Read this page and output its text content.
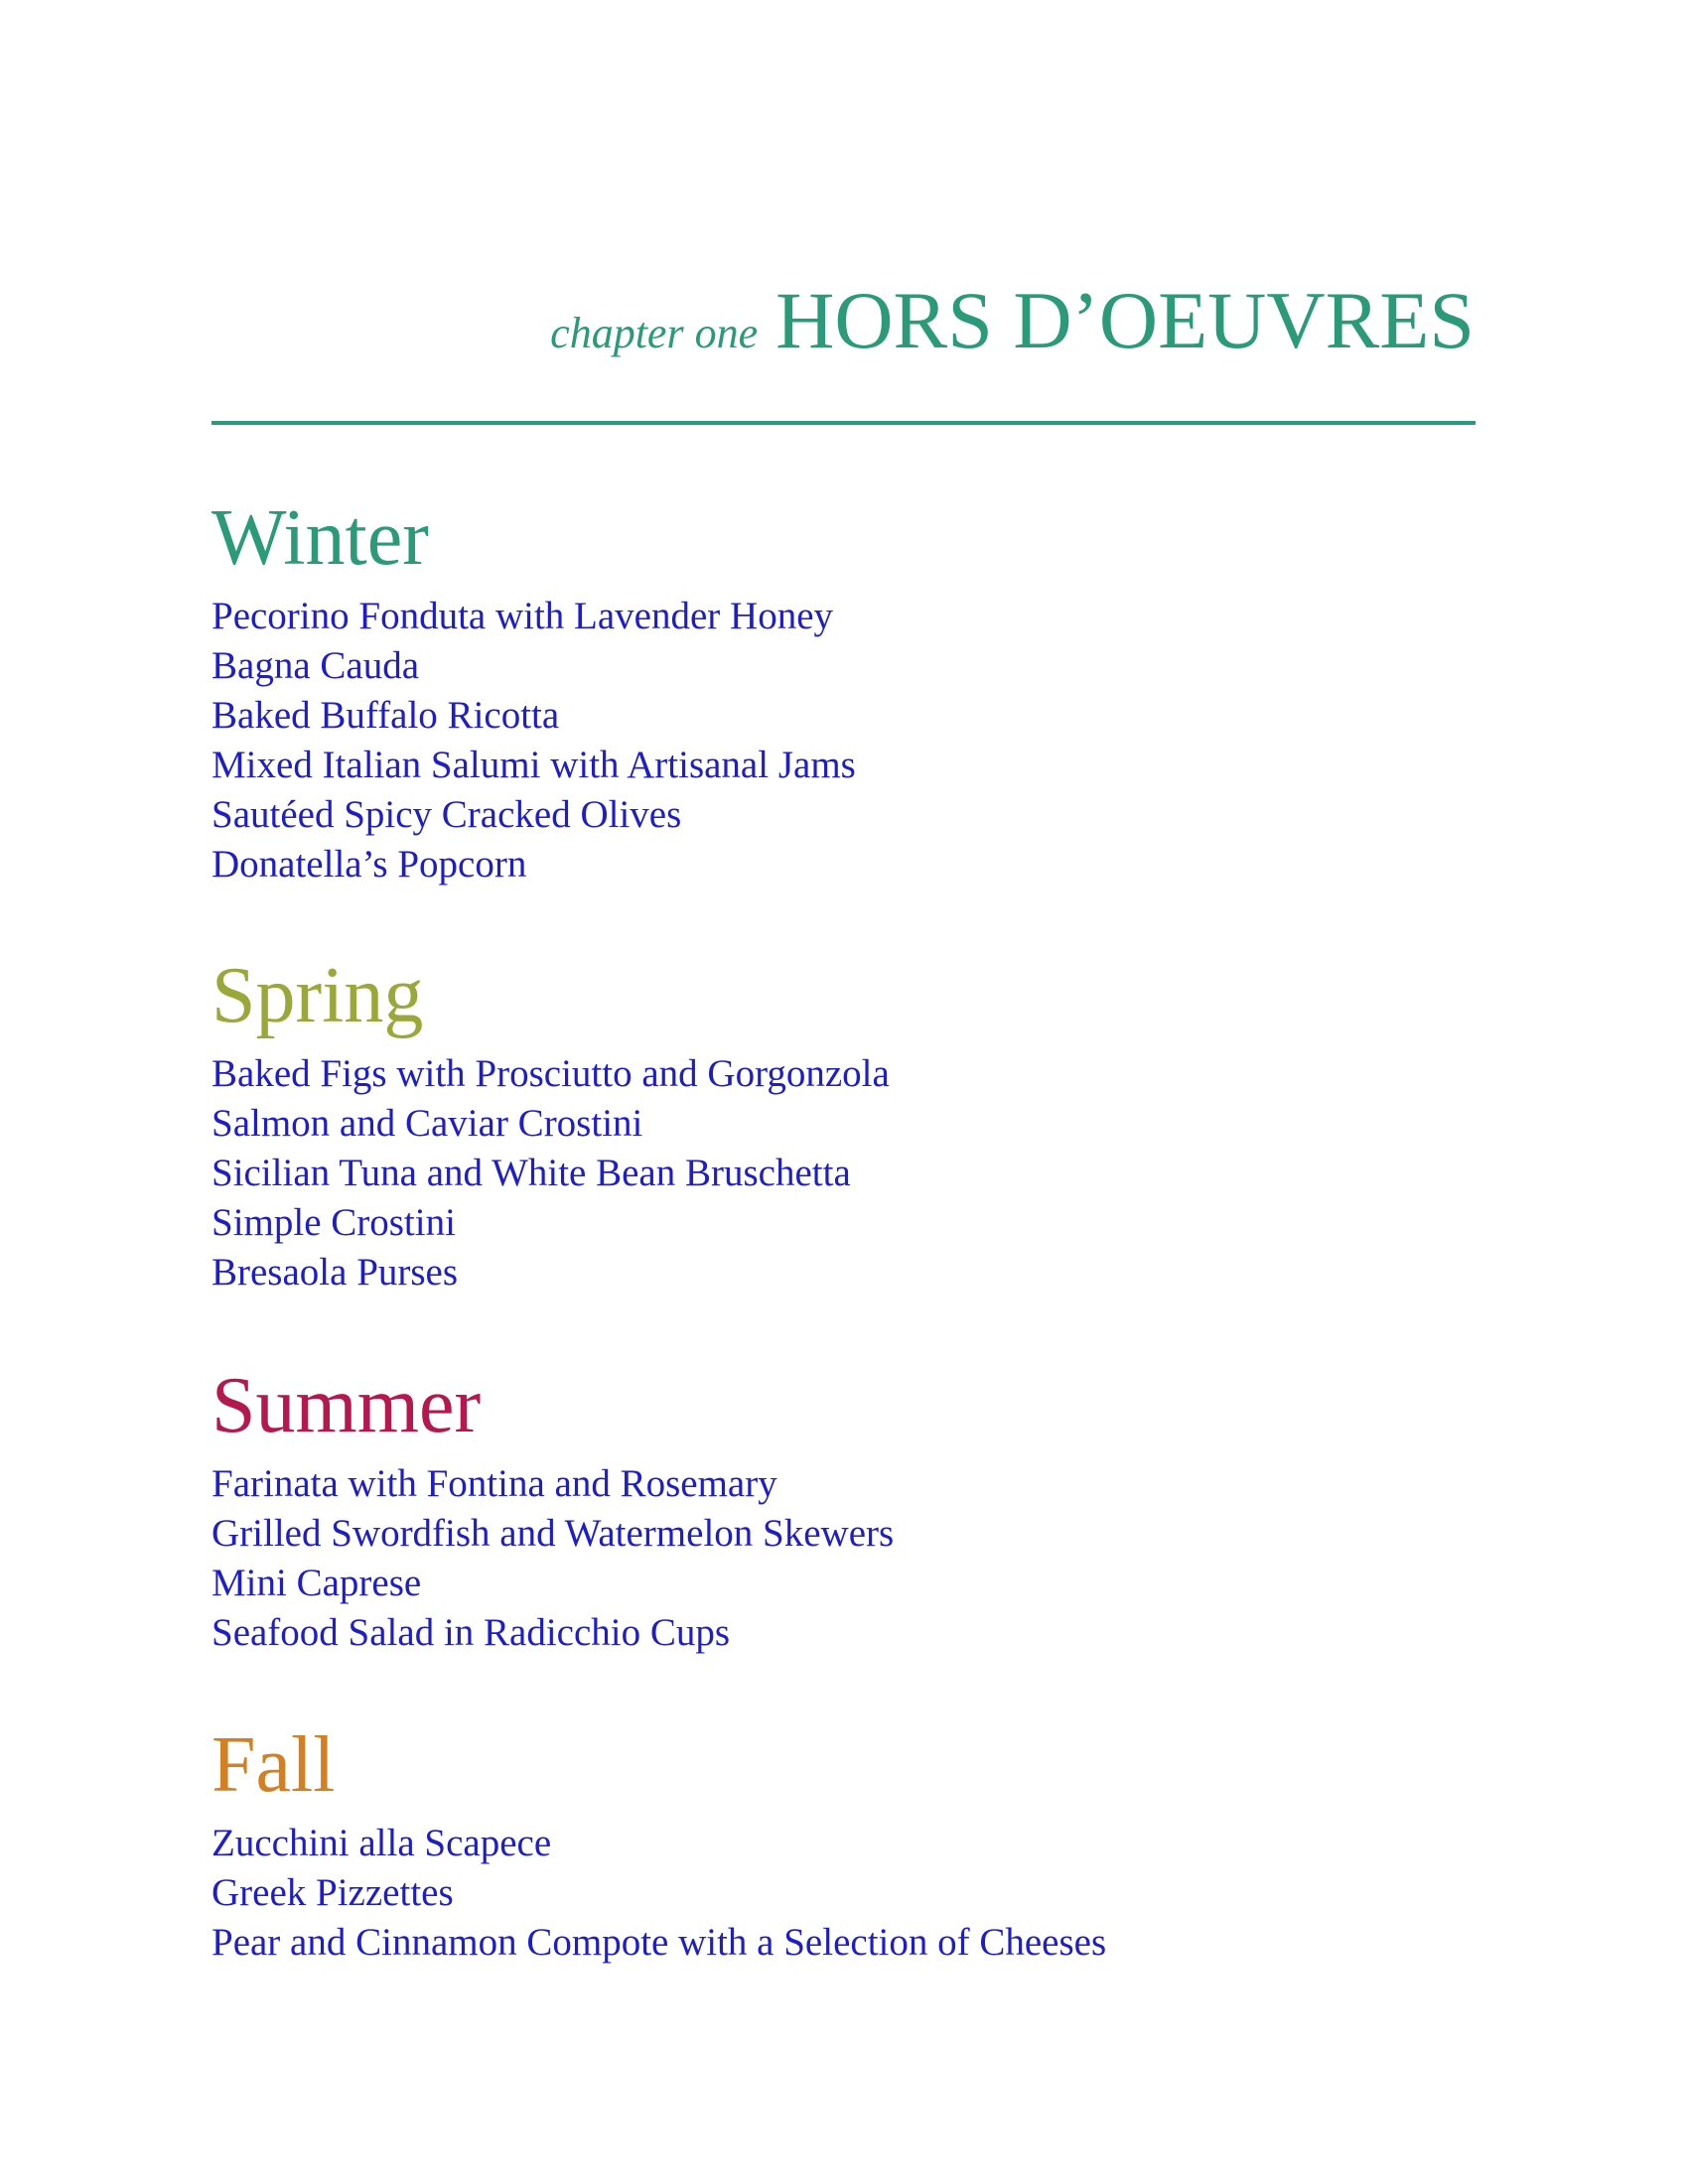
chapter one HORS D’OEUVRES
Winter
Pecorino Fonduta with Lavender Honey
Bagna Cauda
Baked Buffalo Ricotta
Mixed Italian Salumi with Artisanal Jams
Sautéed Spicy Cracked Olives
Donatella’s Popcorn
Spring
Baked Figs with Prosciutto and Gorgonzola
Salmon and Caviar Crostini
Sicilian Tuna and White Bean Bruschetta
Simple Crostini
Bresaola Purses
Summer
Farinata with Fontina and Rosemary
Grilled Swordfish and Watermelon Skewers
Mini Caprese
Seafood Salad in Radicchio Cups
Fall
Zucchini alla Scapece
Greek Pizzettes
Pear and Cinnamon Compote with a Selection of Cheeses
